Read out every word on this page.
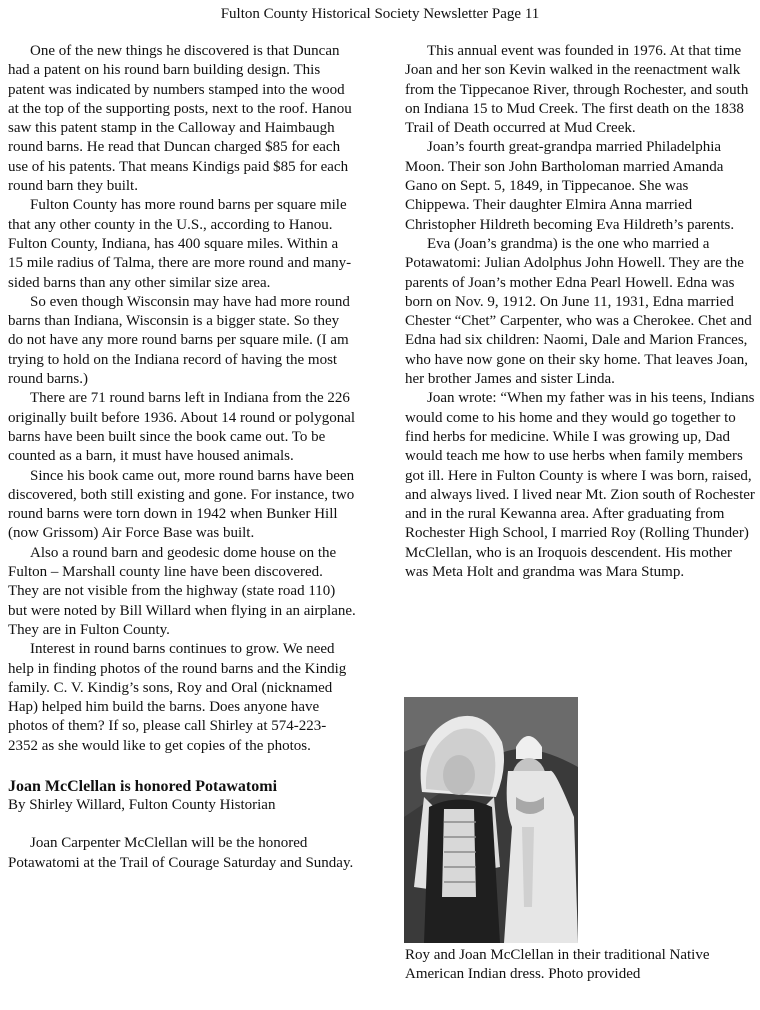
Fulton County Historical Society Newsletter Page 11

One of the new things he discovered is that Duncan had a patent on his round barn building design. This patent was indicated by numbers stamped into the wood at the top of the supporting posts, next to the roof. Hanou saw this patent stamp in the Calloway and Haimbaugh round barns. He read that Duncan charged $85 for each use of his patents. That means Kindigs paid $85 for each round barn they built.

Fulton County has more round barns per square mile that any other county in the U.S., according to Hanou. Fulton County, Indiana, has 400 square miles. Within a 15 mile radius of Talma, there are more round and many-sided barns than any other similar size area.

So even though Wisconsin may have had more round barns than Indiana, Wisconsin is a bigger state. So they do not have any more round barns per square mile. (I am trying to hold on the Indiana record of having the most round barns.)

There are 71 round barns left in Indiana from the 226 originally built before 1936. About 14 round or polygonal barns have been built since the book came out. To be counted as a barn, it must have housed animals.

Since his book came out, more round barns have been discovered, both still existing and gone. For instance, two round barns were torn down in 1942 when Bunker Hill (now Grissom) Air Force Base was built.

Also a round barn and geodesic dome house on the Fulton – Marshall county line have been discovered. They are not visible from the highway (state road 110) but were noted by Bill Willard when flying in an airplane. They are in Fulton County.

Interest in round barns continues to grow. We need help in finding photos of the round barns and the Kindig family. C. V. Kindig’s sons, Roy and Oral (nicknamed Hap) helped him build the barns. Does anyone have photos of them? If so, please call Shirley at 574-223-2352 as she would like to get copies of the photos.

Joan McClellan is honored Potawatomi

By Shirley Willard, Fulton County Historian

Joan Carpenter McClellan will be the honored Potawatomi at the Trail of Courage Saturday and Sunday.

This annual event was founded in 1976. At that time Joan and her son Kevin walked in the reenactment walk from the Tippecanoe River, through Rochester, and south on Indiana 15 to Mud Creek. The first death on the 1838 Trail of Death occurred at Mud Creek.

Joan’s fourth great-grandpa married Philadelphia Moon. Their son John Bartholoman married Amanda Gano on Sept. 5, 1849, in Tippecanoe. She was Chippewa. Their daughter Elmira Anna married Christopher Hildreth becoming Eva Hildreth’s parents.

Eva (Joan’s grandma) is the one who married a Potawatomi: Julian Adolphus John Howell. They are the parents of Joan’s mother Edna Pearl Howell. Edna was born on Nov. 9, 1912. On June 11, 1931, Edna married Chester “Chet” Carpenter, who was a Cherokee. Chet and Edna had six children: Naomi, Dale and Marion Frances, who have now gone on their sky home. That leaves Joan, her brother James and sister Linda.

Joan wrote: “When my father was in his teens, Indians would come to his home and they would go together to find herbs for medicine. While I was growing up, Dad would teach me how to use herbs when family members got ill. Here in Fulton County is where I was born, raised, and always lived. I lived near Mt. Zion south of Rochester and in the rural Kewanna area. After graduating from Rochester High School, I married Roy (Rolling Thunder) McClellan, who is an Iroquois descendent. His mother was Meta Holt and grandma was Mara Stump.

Roy and Joan McClellan in their traditional Native American Indian dress. Photo provided
